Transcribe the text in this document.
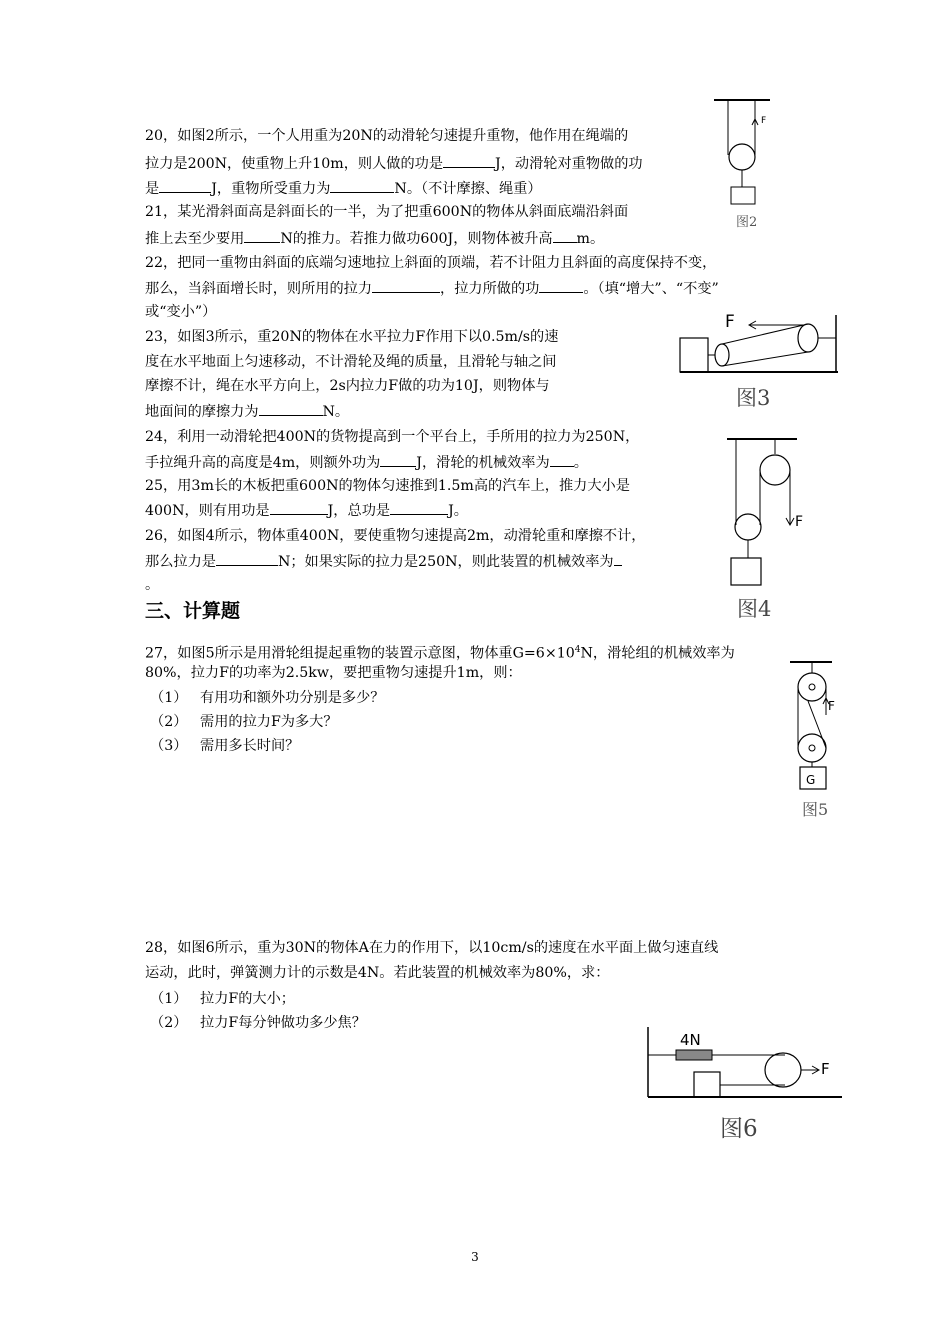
20，如图2所示，一个人用重为20N的动滑轮匀速提升重物，他作用在绳端的
拉力是200N，使重物上升10m，则人做的功是	J，动滑轮对重物做的功
是	J，重物所受重力为	N。（不计摩擦、绳重）
21，某光滑斜面高是斜面长的一半，为了把重600N的物体从斜面底端沿斜面
推上去至少要用	N的推力。若推力做功600J，则物体被升高 m。
22，把同一重物由斜面的底端匀速地拉上斜面的顶端，若不计阻力且斜面的高度保持不变，
那么，当斜面增长时，则所用的拉力	，拉力所做的功	。（填“增大”、“不变”
或“变小”）
23，如图3所示，重20N的物体在水平拉力F作用下以0.5m/s的速
度在水平地面上匀速移动，不计滑轮及绳的质量，且滑轮与轴之间
摩擦不计，绳在水平方向上，2s内拉力F做的功为10J，则物体与
地面间的摩擦力为	N。
24，利用一动滑轮把400N的货物提高到一个平台上，手所用的拉力为250N，
手拉绳升高的高度是4m，则额外功为	J，滑轮的机械效率为 。
25，用3m长的木板把重600N的物体匀速推到1.5m高的汽车上，推力大小是
400N，则有用功是	J，总功是	J。
26，如图4所示，物体重400N，要使重物匀速提高2m，动滑轮重和摩擦不计，
那么拉力是	N；如果实际的拉力是250N，则此装置的机械效率为
。
三、计算题
27，如图5所示是用滑轮组提起重物的装置示意图，物体重$G=6\times 10^4N$，滑轮组的机械效率为
80%，拉力F的功率为2.5kw，要把重物匀速提升1m，则：
（1） 有用功和额外功分别是多少？
（2） 需用的拉力F为多大？
（3） 需用多长时间？
28，如图6所示，重为30N的物体A在力的作用下，以10cm/s的速度在水平面上做匀速直线
运动，此时，弹簧测力计的示数是4N。若此装置的机械效率为80%，求：
（1） 拉力F的大小；
（2） 拉力F每分钟做功多少焦？
F
图2
F
图3
F
图4
F
G
图5
4N
F
图6
3
